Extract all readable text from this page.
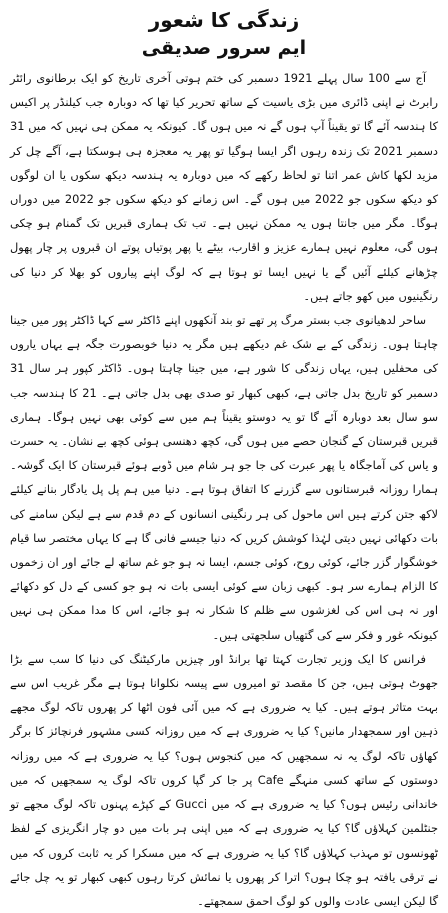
زندگی کا شعور
ایم سرور صدیقی

آج سے 100 سال پہلے 1921 دسمبر کی ختم ہوتی آخری تاریخ کو ایک برطانوی رائٹر رابرٹ نے اپنی ڈائری میں بڑی یاسیت کے ساتھ تحریر کیا تھا کہ دوبارہ جب کیلنڈر پر اکیس کا ہندسہ آئے گا تو یقیناً آپ ہوں گے نہ میں ہوں گا۔ کیونکہ یہ ممکن ہی نہیں کہ میں 31 دسمبر 2021 تک زندہ رہوں اگر ایسا ہوگیا تو پھر یہ معجزہ ہی ہوسکتا ہے، آگے چل کر مزید لکھا کاش عمر اتنا تو لحاظ رکھے کہ میں دوبارہ یہ ہندسہ دیکھ سکوں یا ان لوگوں کو دیکھ سکوں جو 2022 میں ہوں گے۔ اس زمانے کو دیکھ سکوں جو 2022 میں دوراں ہوگا۔ مگر میں جانتا ہوں یہ ممکن نہیں ہے۔ تب تک ہماری قبریں تک گمنام ہو چکی ہوں گی، معلوم نہیں ہمارے عزیز و اقارب، بیٹے یا پھر پوتیاں پوتے ان قبروں پر چار پھول چڑھانے کیلئے آئیں گے یا نہیں ایسا تو ہوتا ہے کہ لوگ اپنے پیاروں کو بھلا کر دنیا کی رنگینیوں میں کھو جاتے ہیں۔

ساحر لدھیانوی جب بستر مرگ پر تھے تو بند آنکھوں اپنے ڈاکٹر سے کہا ڈاکٹر پور میں جینا چاہتا ہوں۔ زندگی کے بے شک غم دیکھے ہیں مگر یہ دنیا خوبصورت جگہ ہے یہاں یاروں کی محفلیں ہیں، یہاں زندگی کا شور ہے، میں جینا چاہتا ہوں۔ ڈاکٹر کپور ہر سال 31 دسمبر کو تاریخ بدل جاتی ہے، کبھی کبھار تو صدی بھی بدل جاتی ہے۔ 21 کا ہندسہ جب سو سال بعد دوبارہ آئے گا تو یہ دوستو یقیناً ہم میں سے کوئی بھی نہیں ہوگا۔ ہماری قبریں قبرستان کے گنجان حصے میں ہوں گی، کچھ دھنسی ہوئی کچھ بے نشان۔ یہ حسرت و یاس کی آماجگاہ یا پھر عبرت کی جا جو ہر شام میں ڈوبے ہوئے قبرستان کا ایک گوشہ۔ ہمارا روزانہ قبرستانوں سے گزرنے کا اتفاق ہوتا ہے۔ دنیا میں ہم پل پل یادگار بنانے کیلئے لاکھ جتن کرتے ہیں اس ماحول کی ہر رنگینی انسانوں کے دم قدم سے ہے لیکن سامنے کی بات دکھائی نہیں دیتی لہٰذا کوشش کریں کہ دنیا جیسے فانی گا ہے کا یہاں مختصر سا قیام خوشگوار گزر جائے، کوئی روح، کوئی جسم، ایسا نہ ہو جو غم ساتھ لے جائے اور ان زخموں کا الزام ہمارے سر ہو۔ کبھی زبان سے کوئی ایسی بات نہ ہو جو کسی کے دل کو دکھائے اور نہ ہی اس کی لغزشوں سے ظلم کا شکار نہ ہو جائے، اس کا مدا ممکن ہی نہیں کیونکہ غور و فکر سے کی گتھیاں سلجھتی ہیں۔

فرانس کا ایک وزیر تجارت کہتا تھا برانڈ اور چیزیں مارکیٹنگ کی دنیا کا سب سے بڑا جھوٹ ہوتی ہیں، جن کا مقصد تو امیروں سے پیسہ نکلوانا ہوتا ہے مگر غریب اس سے بہت متاثر ہوتے ہیں۔ کیا یہ ضروری ہے کہ میں آئی فون اٹھا کر پھروں تاکہ لوگ مجھے ذہین اور سمجھدار مانیں؟ کیا یہ ضروری ہے کہ میں روزانہ کسی مشہور فرنچائز کا برگر کھاؤں تاکہ لوگ یہ نہ سمجھیں کہ میں کنجوس ہوں؟ کیا یہ ضروری ہے کہ میں روزانہ دوستوں کے ساتھ کسی منہگے Cafe پر جا کر گپا کروں تاکہ لوگ یہ سمجھیں کہ میں خاندانی رئیس ہوں؟ کیا یہ ضروری ہے کہ میں Gucci کے کپڑے پہنوں تاکہ لوگ مجھے تو جنٹلمین کہلاؤں گا؟ کیا یہ ضروری ہے کہ میں اپنی ہر بات میں دو چار انگریزی کے لفظ ٹھونسوں تو مہذب کہلاؤں گا؟ کیا یہ ضروری ہے کہ میں مسکرا کر یہ ثابت کروں کہ میں نے ترقی یافتہ ہو چکا ہوں؟ اترا کر پھروں یا نمائش کرتا رہوں کبھی کبھار تو یہ چل جائے گا لیکن ایسی عادت والوں کو لوگ احمق سمجھتے۔
